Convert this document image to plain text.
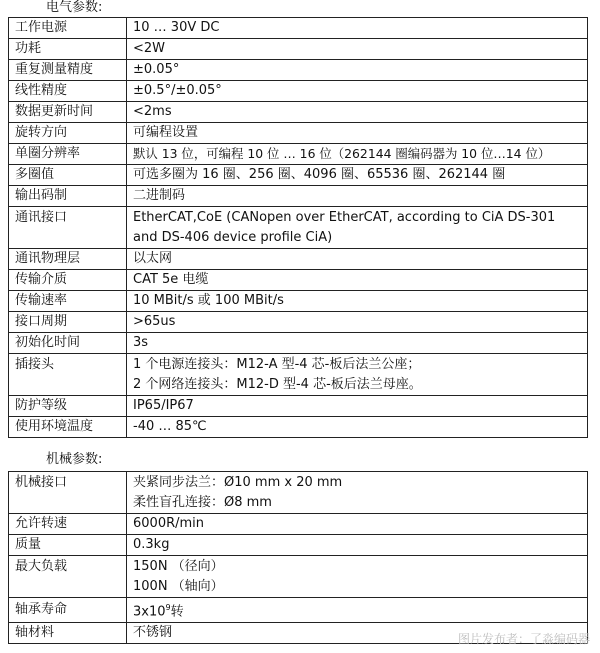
电气参数:
工作电源	10 … 30V DC
功耗	<2W
重复测量精度	±0.05°
线性精度	±0.5°/±0.05°
数据更新时间	<2ms
旋转方向	可编程设置
单圈分辨率	默认 13 位，可编程 10 位 … 16 位（262144 圈编码器为 10 位…14 位）
多圈值	可选多圈为 16 圈、256 圈、4096 圈、65536 圈、262144 圈
输出码制	二进制码
通讯接口	EtherCAT,CoE (CANopen over EtherCAT, according to CiA DS-301 and DS-406 device profile CiA)
通讯物理层	以太网
传输介质	CAT 5e 电缆
传输速率	10 MBit/s 或 100 MBit/s
接口周期	>65us
初始化时间	3s
插接头	1 个电源连接头：M12-A 型-4 芯-板后法兰公座；
2 个网络连接头：M12-D 型-4 芯-板后法兰母座。

防护等级	IP65/IP67
使用环境温度	-40 … 85℃
机械参数:
机械接口	夹紧同步法兰：Ø10 mm x 20 mm
柔性盲孔连接：Ø8 mm

允许转速	6000R/min
质量	0.3kg
最大负载	150N （径向）
100N （轴向）

轴承寿命	$3x10^9$转
轴材料	不锈钢	图片发布者：了淼编码器
